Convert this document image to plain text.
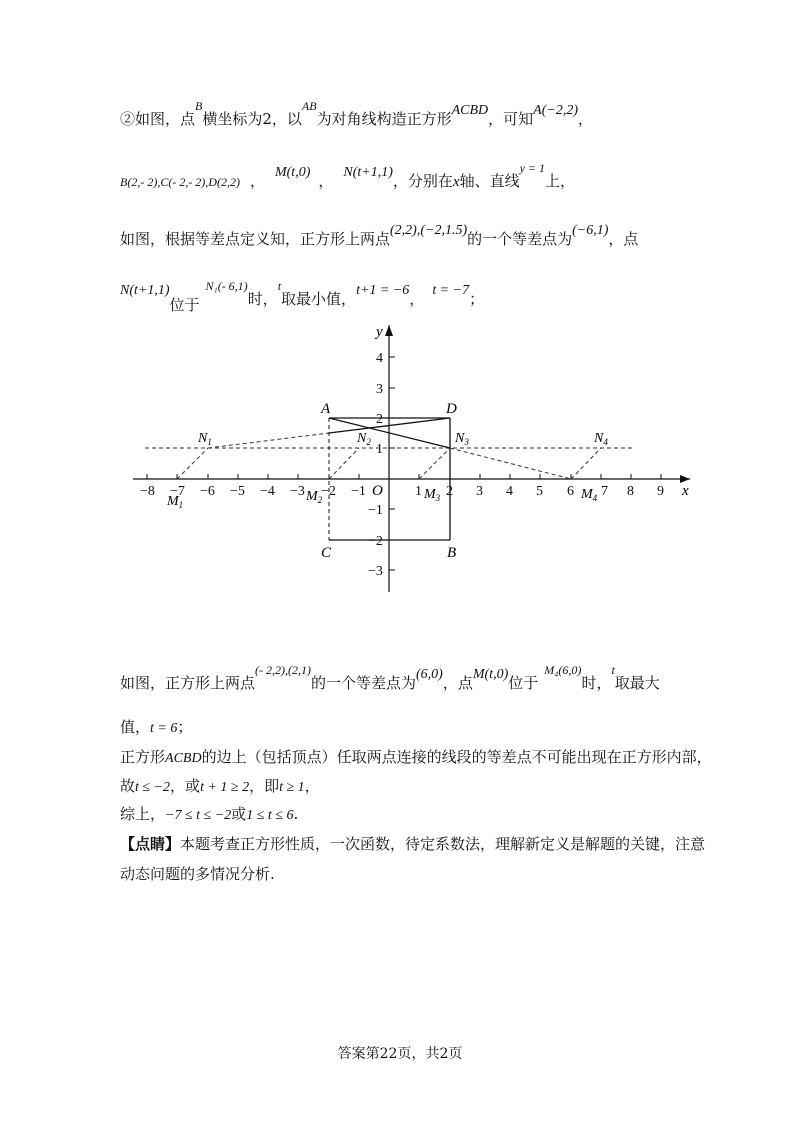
②如图，点$^B$横坐标为2，以$^{AB}$为对角线构造正方形ACBD，可知A(−2,2)，
B(2,- 2),C(- 2,- 2),D(2,2) ， M(t,0) ， N(t+1,1)，分别在x轴、直线$^{y = 1}$上，
如图，根据等差点定义知，正方形上两点(2,2),(−2,1.5)的一个等差点为(−6,1)，点
N(t+1,1)位于$^{N_1(- 6,1)}$时，$^t$取最小值，t+1 = −6， t = −7；
−8 −7 −6 −5 −4 −3 −2 −1	1 2 3 4 5 6 7 8 9
4
3
2
1
−1
−2
−3
y
x
O
A	D
C	B
$N_1$	$N_2$	$N_3$	$N_4$
$M_1$
$M_2$	$M_3$	$M_4$
如图，正方形上两点$^{(- 2,2),(2,1)}$的一个等差点为(6,0)，点M(t,0)位于$^{M_4(6,0)}$时，$^t$取最大
值，t = 6；
正方形ACBD的边上（包括顶点）任取两点连接的线段的等差点不可能出现在正方形内部，
故t ≤ −2，或t + 1 ≥ 2，即t ≥ 1，
综上，−7 ≤ t ≤ −2或1 ≤ t ≤ 6.
【点睛】本题考查正方形性质，一次函数，待定系数法，理解新定义是解题的关键，注意
动态问题的多情况分析.
答案第22页，共2页
